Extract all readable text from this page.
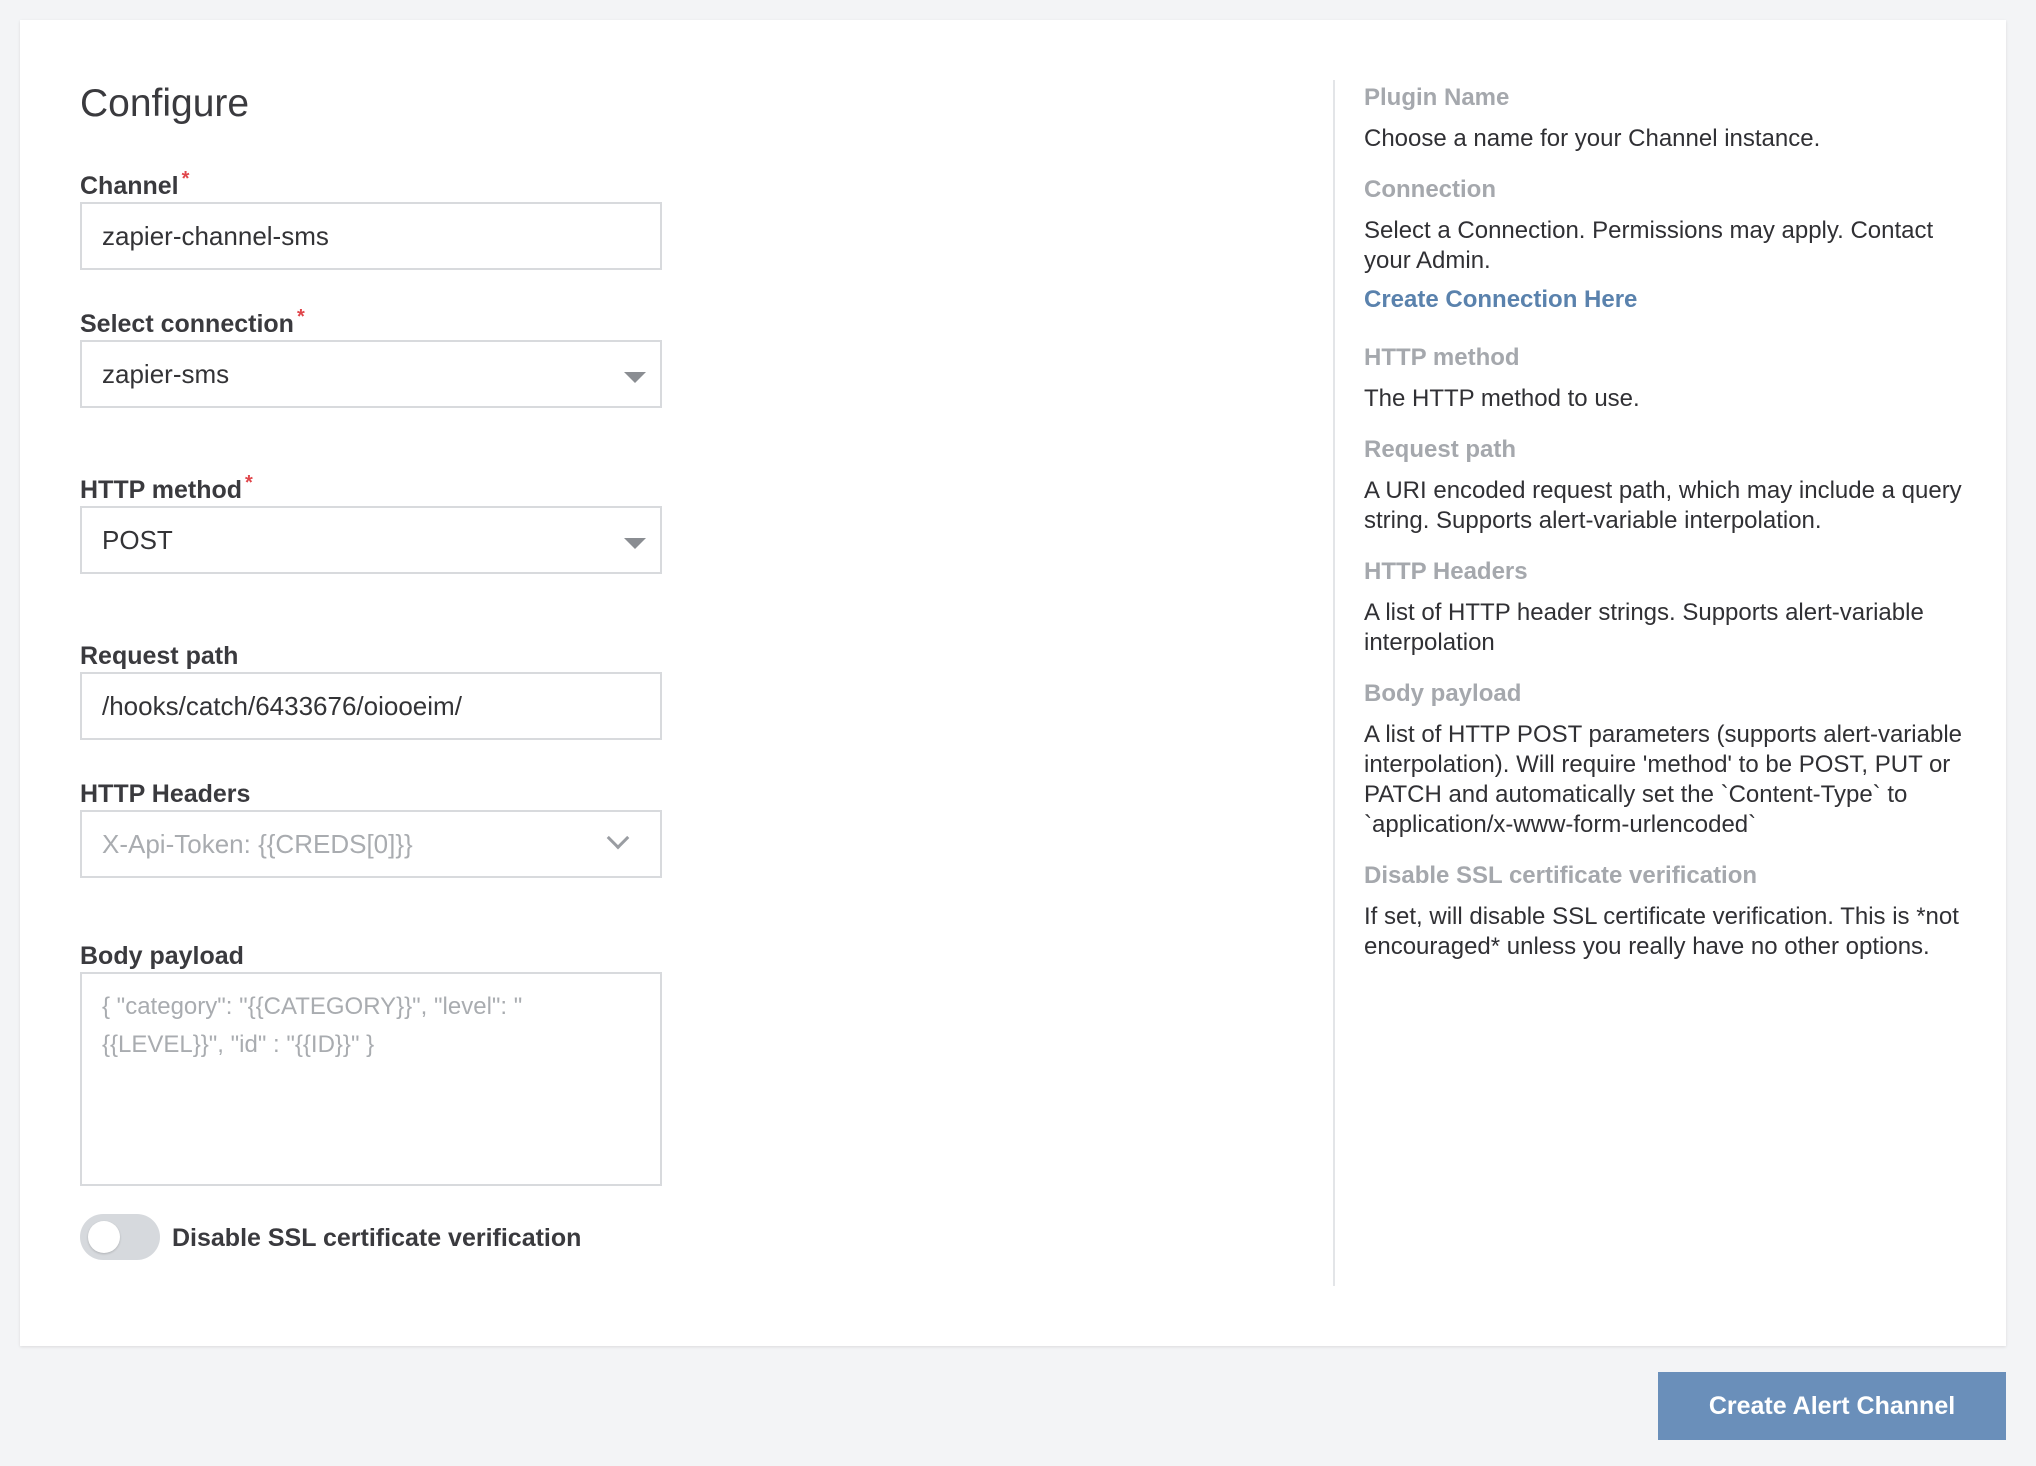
Configure
Channel *
zapier-channel-sms
Select connection *
zapier-sms
HTTP method *
POST
Request path
/hooks/catch/6433676/oiooeim/
HTTP Headers
X-Api-Token: {{CREDS[0]}}
Body payload
{ "category": "{{CATEGORY}}", "level": "{{LEVEL}}", "id" : "{{ID}}" }
Disable SSL certificate verification
Plugin Name
Choose a name for your Channel instance.
Connection
Select a Connection. Permissions may apply. Contact your Admin.
Create Connection Here
HTTP method
The HTTP method to use.
Request path
A URI encoded request path, which may include a query string. Supports alert-variable interpolation.
HTTP Headers
A list of HTTP header strings. Supports alert-variable interpolation
Body payload
A list of HTTP POST parameters (supports alert-variable interpolation). Will require 'method' to be POST, PUT or PATCH and automatically set the `Content-Type` to `application/x-www-form-urlencoded`
Disable SSL certificate verification
If set, will disable SSL certificate verification. This is *not encouraged* unless you really have no other options.
Create Alert Channel
